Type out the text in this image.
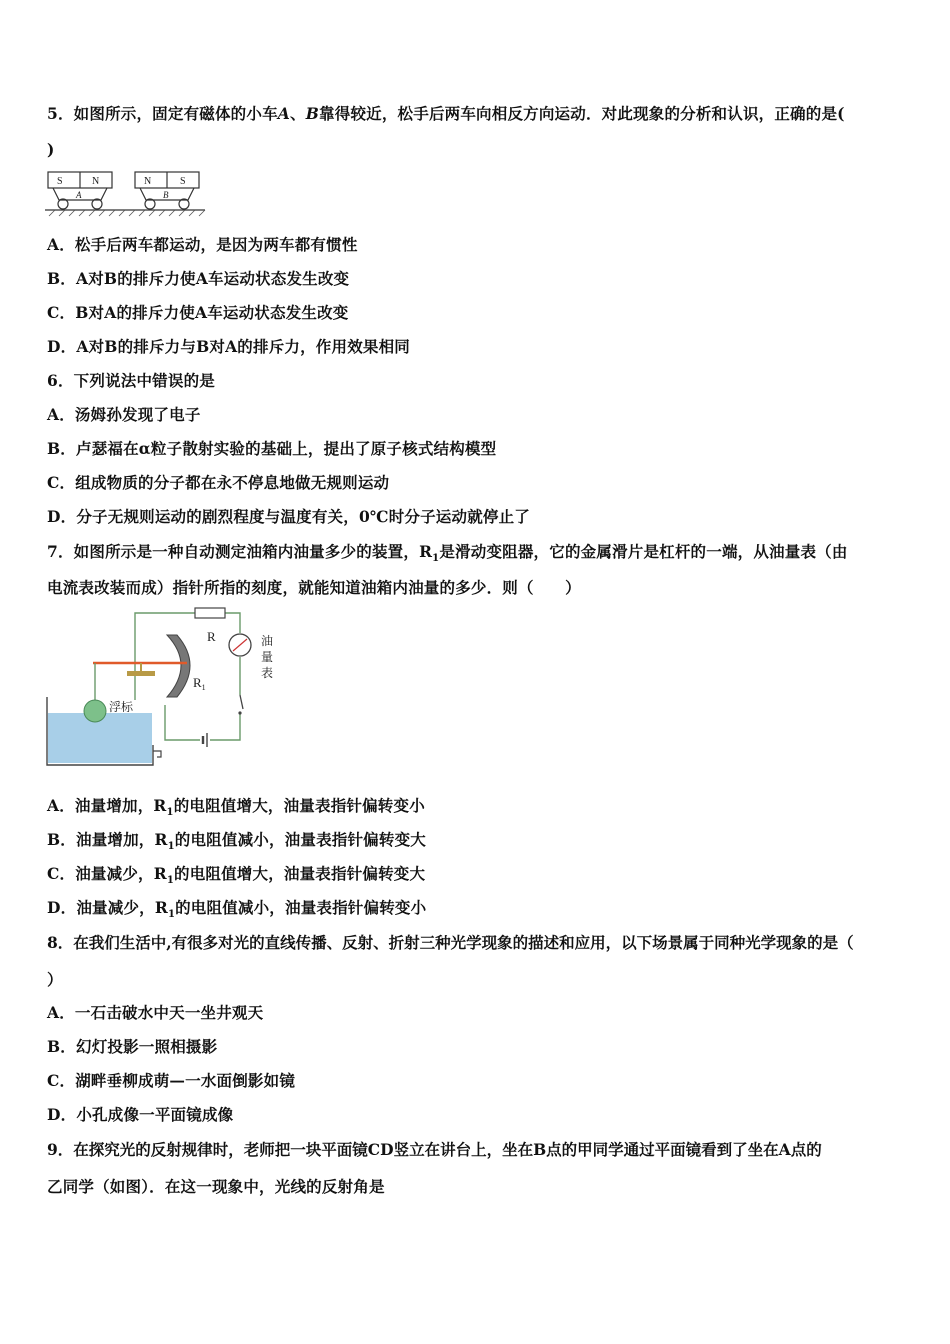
5．如图所示，固定有磁体的小车A、B靠得较近，松手后两车向相反方向运动．对此现象的分析和认识，正确的是(
)
S	N	N	S
A	B
A．松手后两车都运动，是因为两车都有惯性
B．A对B的排斥力使A车运动状态发生改变
C．B对A的排斥力使A车运动状态发生改变
D．A对B的排斥力与B对A的排斥力，作用效果相同
6．下列说法中错误的是
A．汤姆孙发现了电子
B．卢瑟福在α粒子散射实验的基础上，提出了原子核式结构模型
C．组成物质的分子都在永不停息地做无规则运动
D．分子无规则运动的剧烈程度与温度有关，0℃时分子运动就停止了
7．如图所示是一种自动测定油箱内油量多少的装置，$R_1$是滑动变阻器，它的金属滑片是杠杆的一端，从油量表（由
电流表改装而成）指针所指的刻度，就能知道油箱内油量的多少．则（　　）
R	油量表
$R_1$
浮标
A．油量增加，$R_1$的电阻值增大，油量表指针偏转变小
B．油量增加，$R_1$的电阻值减小，油量表指针偏转变大
C．油量减少，$R_1$的电阻值增大，油量表指针偏转变大
D．油量减少，$R_1$的电阻值减小，油量表指针偏转变小
8．在我们生活中,有很多对光的直线传播、反射、折射三种光学现象的描述和应用，以下场景属于同种光学现象的是（
）
A．一石击破水中天一坐井观天
B．幻灯投影一照相摄影
C．湖畔垂柳成萌—一水面倒影如镜
D．小孔成像一平面镜成像
9．在探究光的反射规律时，老师把一块平面镜CD竖立在讲台上，坐在B点的甲同学通过平面镜看到了坐在A点的
乙同学（如图）．在这一现象中，光线的反射角是
